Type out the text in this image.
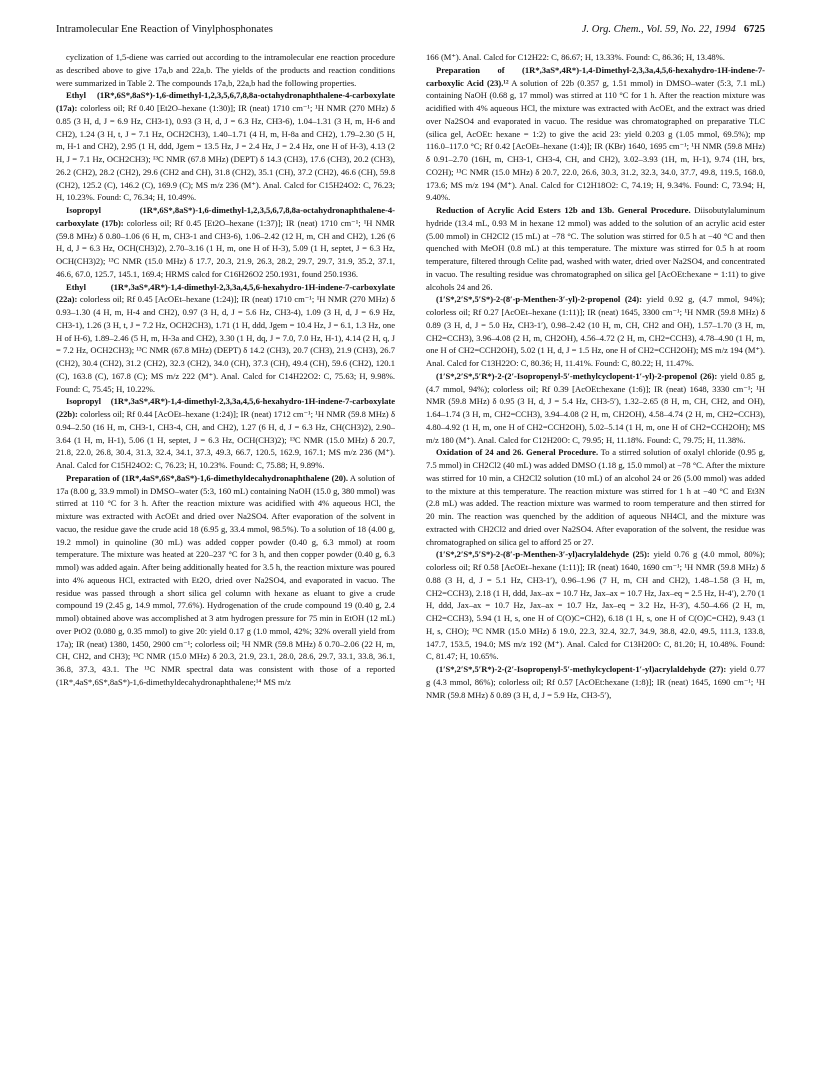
Intramolecular Ene Reaction of Vinylphosphonates	J. Org. Chem., Vol. 59, No. 22, 1994 6725

cyclization of 1,5-diene was carried out according to the intramolecular ene reaction procedure as described above to give 17a,b and 22a,b. The yields of the products and reaction conditions were summarized in Table 2. The compounds 17a,b, 22a,b had the following properties.

Ethyl (1R*,6S*,8aS*)-1,6-dimethyl-1,2,3,5,6,7,8,8a-octahydronaphthalene-4-carboxylate (17a): colorless oil; Rf 0.40 [Et2O–hexane (1:30)]; IR (neat) 1710 cm⁻¹; ¹H NMR (270 MHz) δ 0.85 (3 H, d, J = 6.9 Hz, CH3-1), 0.93 (3 H, d, J = 6.3 Hz, CH3-6), 1.04–1.31 (3 H, m, H-6 and CH2), 1.24 (3 H, t, J = 7.1 Hz, OCH2CH3), 1.40–1.71 (4 H, m, H-8a and CH2), 1.79–2.30 (5 H, m, H-1 and CH2), 2.95 (1 H, ddd, Jgem = 13.5 Hz, J = 2.4 Hz, J = 2.4 Hz, one H of H-3), 4.13 (2 H, J = 7.1 Hz, OCH2CH3); ¹³C NMR (67.8 MHz) (DEPT) δ 14.3 (CH3), 17.6 (CH3), 20.2 (CH3), 26.2 (CH2), 28.2 (CH2), 29.6 (CH2 and CH), 31.8 (CH2), 35.1 (CH), 37.2 (CH2), 46.6 (CH), 59.8 (CH2), 125.2 (C), 146.2 (C), 169.9 (C); MS m/z 236 (M⁺). Anal. Calcd for C15H24O2: C, 76.23; H, 10.23%. Found: C, 76.34; H, 10.49%.

Isopropyl (1R*,6S*,8aS*)-1,6-dimethyl-1,2,3,5,6,7,8,8a-octahydronaphthalene-4-carboxylate (17b): colorless oil; Rf 0.45 [Et2O–hexane (1:37)]; IR (neat) 1710 cm⁻¹; ¹H NMR (59.8 MHz) δ 0.80–1.06 (6 H, m, CH3-1 and CH3-6), 1.06–2.42 (12 H, m, CH and CH2), 1.26 (6 H, d, J = 6.3 Hz, OCH(CH3)2), 2.70–3.16 (1 H, m, one H of H-3), 5.09 (1 H, septet, J = 6.3 Hz, OCH(CH3)2); ¹³C NMR (15.0 MHz) δ 17.7, 20.3, 21.9, 26.3, 28.2, 29.7, 29.7, 31.9, 35.2, 37.1, 46.6, 67.0, 125.7, 145.1, 169.4; HRMS calcd for C16H26O2 250.1931, found 250.1936.

Ethyl (1R*,3aS*,4R*)-1,4-dimethyl-2,3,3a,4,5,6-hexahydro-1H-indene-7-carboxylate (22a): colorless oil; Rf 0.45 [AcOEt–hexane (1:24)]; IR (neat) 1710 cm⁻¹; ¹H NMR (270 MHz) δ 0.93–1.30 (4 H, m, H-4 and CH2), 0.97 (3 H, d, J = 5.6 Hz, CH3-4), 1.09 (3 H, d, J = 6.9 Hz, CH3-1), 1.26 (3 H, t, J = 7.2 Hz, OCH2CH3), 1.71 (1 H, ddd, Jgem = 10.4 Hz, J = 6.1, 1.3 Hz, one H of H-6), 1.89–2.46 (5 H, m, H-3a and CH2), 3.30 (1 H, dq, J = 7.0, 7.0 Hz, H-1), 4.14 (2 H, q, J = 7.2 Hz, OCH2CH3); ¹³C NMR (67.8 MHz) (DEPT) δ 14.2 (CH3), 20.7 (CH3), 21.9 (CH3), 26.7 (CH2), 30.4 (CH2), 31.2 (CH2), 32.3 (CH2), 34.0 (CH), 37.3 (CH), 49.4 (CH), 59.6 (CH2), 120.1 (C), 163.8 (C), 167.8 (C); MS m/z 222 (M⁺). Anal. Calcd for C14H22O2: C, 75.63; H, 9.98%. Found: C, 75.45; H, 10.22%.

Isopropyl (1R*,3aS*,4R*)-1,4-dimethyl-2,3,3a,4,5,6-hexahydro-1H-indene-7-carboxylate (22b): colorless oil; Rf 0.44 [AcOEt–hexane (1:24)]; IR (neat) 1712 cm⁻¹; ¹H NMR (59.8 MHz) δ 0.94–2.50 (16 H, m, CH3-1, CH3-4, CH, and CH2), 1.27 (6 H, d, J = 6.3 Hz, CH(CH3)2), 2.90–3.64 (1 H, m, H-1), 5.06 (1 H, septet, J = 6.3 Hz, OCH(CH3)2); ¹³C NMR (15.0 MHz) δ 20.7, 21.8, 22.0, 26.8, 30.4, 31.3, 32.4, 34.1, 37.3, 49.3, 66.7, 120.5, 162.9, 167.1; MS m/z 236 (M⁺). Anal. Calcd for C15H24O2: C, 76.23; H, 10.23%. Found: C, 75.88; H, 9.89%.

Preparation of (1R*,4aS*,6S*,8aS*)-1,6-dimethyldecahydronaphthalene (20). A solution of 17a (8.00 g, 33.9 mmol) in DMSO–water (5:3, 160 mL) containing NaOH (15.0 g, 380 mmol) was stirred at 110 °C for 3 h. After the reaction mixture was acidified with 4% aqueous HCl, the mixture was extracted with AcOEt and dried over Na2SO4. After evaporation of the solvent in vacuo, the residue gave the crude acid 18 (6.95 g, 33.4 mmol, 98.5%). To a solution of 18 (4.00 g, 19.2 mmol) in quinoline (30 mL) was added copper powder (0.40 g, 6.3 mmol) at room temperature. The mixture was heated at 220–237 °C for 3 h, and then copper powder (0.40 g, 6.3 mmol) was added again. After being additionally heated for 3.5 h, the reaction mixture was poured into 4% aqueous HCl, extracted with Et2O, dried over Na2SO4, and evaporated in vacuo. The residue was passed through a short silica gel column with hexane as eluant to give a crude compound 19 (2.45 g, 14.9 mmol, 77.6%). Hydrogenation of the crude compound 19 (0.40 g, 2.4 mmol) obtained above was accomplished at 3 atm hydrogen pressure for 75 min in EtOH (12 mL) over PtO2 (0.080 g, 0.35 mmol) to give 20: yield 0.17 g (1.0 mmol, 42%; 32% overall yield from 17a); IR (neat) 1380, 1450, 2900 cm⁻¹; colorless oil; ¹H NMR (59.8 MHz) δ 0.70–2.06 (22 H, m, CH, CH2, and CH3); ¹³C NMR (15.0 MHz) δ 20.3, 21.9, 23.1, 28.0, 28.6, 29.7, 33.1, 33.8, 36.1, 36.8, 37.3, 43.1. The ¹³C NMR spectral data was consistent with those of a reported (1R*,4aS*,6S*,8aS*)-1,6-dimethyldecahydronaphthalene;¹⁴ MS m/z

166 (M⁺). Anal. Calcd for C12H22: C, 86.67; H, 13.33%. Found: C, 86.36; H, 13.48%.

Preparation of (1R*,3aS*,4R*)-1,4-Dimethyl-2,3,3a,4,5,6-hexahydro-1H-indene-7-carboxylic Acid (23).¹² A solution of 22b (0.357 g, 1.51 mmol) in DMSO–water (5:3, 7.1 mL) containing NaOH (0.68 g, 17 mmol) was stirred at 110 °C for 1 h. After the reaction mixture was acidified with 4% aqueous HCl, the mixture was extracted with AcOEt, and the extract was dried over Na2SO4 and evaporated in vacuo. The residue was chromatographed on preparative TLC (silica gel, AcOEt: hexane = 1:2) to give the acid 23: yield 0.203 g (1.05 mmol, 69.5%); mp 116.0–117.0 °C; Rf 0.42 [AcOEt–hexane (1:4)]; IR (KBr) 1640, 1695 cm⁻¹; ¹H NMR (59.8 MHz) δ 0.91–2.70 (16H, m, CH3-1, CH3-4, CH, and CH2), 3.02–3.93 (1H, m, H-1), 9.74 (1H, brs, CO2H); ¹³C NMR (15.0 MHz) δ 20.7, 22.0, 26.6, 30.3, 31.2, 32.3, 34.0, 37.7, 49.8, 119.5, 168.0, 173.6; MS m/z 194 (M⁺). Anal. Calcd for C12H18O2: C, 74.19; H, 9.34%. Found: C, 73.94; H, 9.40%.

Reduction of Acrylic Acid Esters 12b and 13b. General Procedure. Diisobutylaluminum hydride (13.4 mL, 0.93 M in hexane 12 mmol) was added to the solution of an acrylic acid ester (5.00 mmol) in CH2Cl2 (15 mL) at −78 °C. The solution was stirred for 0.5 h at −40 °C and then quenched with MeOH (0.8 mL) at this temperature. The mixture was stirred for 0.5 h at room temperature, filtered through Celite pad, washed with water, dried over Na2SO4, and concentrated in vacuo. The resulting residue was chromatographed on silica gel [AcOEt:hexane = 1:11) to give alcohols 24 and 26.

(1′S*,2′S*,5′S*)-2-(8′-p-Menthen-3′-yl)-2-propenol (24): yield 0.92 g, (4.7 mmol, 94%); colorless oil; Rf 0.27 [AcOEt–hexane (1:11)]; IR (neat) 1645, 3300 cm⁻¹; ¹H NMR (59.8 MHz) δ 0.89 (3 H, d, J = 5.0 Hz, CH3-1′), 0.98–2.42 (10 H, m, CH, CH2 and OH), 1.57–1.70 (3 H, m, CH2=CCH3), 3.96–4.08 (2 H, m, CH2OH), 4.56–4.72 (2 H, m, CH2=CCH3), 4.78–4.90 (1 H, m, one H of CH2=CCH2OH), 5.02 (1 H, d, J = 1.5 Hz, one H of CH2=CCH2OH); MS m/z 194 (M⁺). Anal. Calcd for C13H22O: C, 80.36; H, 11.41%. Found: C, 80.22; H, 11.47%.

(1′S*,2′S*,5′R*)-2-(2′-Isopropenyl-5′-methylcyclopent-1′-yl)-2-propenol (26): yield 0.85 g, (4.7 mmol, 94%); colorless oil; Rf 0.39 [AcOEt:hexane (1:6)]; IR (neat) 1648, 3330 cm⁻¹; ¹H NMR (59.8 MHz) δ 0.95 (3 H, d, J = 5.4 Hz, CH3-5′), 1.32–2.65 (8 H, m, CH, CH2, and OH), 1.64–1.74 (3 H, m, CH2=CCH3), 3.94–4.08 (2 H, m, CH2OH), 4.58–4.74 (2 H, m, CH2=CCH3), 4.80–4.92 (1 H, m, one H of CH2=CCH2OH), 5.02–5.14 (1 H, m, one H of CH2=CCH2OH); MS m/z 180 (M⁺). Anal. Calcd for C12H20O: C, 79.95; H, 11.18%. Found: C, 79.75; H, 11.38%.

Oxidation of 24 and 26. General Procedure. To a stirred solution of oxalyl chloride (0.95 g, 7.5 mmol) in CH2Cl2 (40 mL) was added DMSO (1.18 g, 15.0 mmol) at −78 °C. After the mixture was stirred for 10 min, a CH2Cl2 solution (10 mL) of an alcohol 24 or 26 (5.00 mmol) was added to the mixture at this temperature. The reaction mixture was stirred for 1 h at −40 °C and Et3N (2.8 mL) was added. The reaction mixture was warmed to room temperature and then stirred for 20 min. The reaction was quenched by the addition of aqueous NH4Cl, and the mixture was extracted with CH2Cl2 and dried over Na2SO4. After evaporation of the solvent, the residue was chromatographed on silica gel to afford 25 or 27.

(1′S*,2′S*,5′S*)-2-(8′-p-Menthen-3′-yl)acrylaldehyde (25): yield 0.76 g (4.0 mmol, 80%); colorless oil; Rf 0.58 [AcOEt–hexane (1:11)]; IR (neat) 1640, 1690 cm⁻¹; ¹H NMR (59.8 MHz) δ 0.88 (3 H, d, J = 5.1 Hz, CH3-1′), 0.96–1.96 (7 H, m, CH and CH2), 1.48–1.58 (3 H, m, CH2=CCH3), 2.18 (1 H, ddd, Jax–ax = 10.7 Hz, Jax–ax = 10.7 Hz, Jax–eq = 2.5 Hz, H-4′), 2.70 (1 H, ddd, Jax–ax = 10.7 Hz, Jax–ax = 10.7 Hz, Jax–eq = 3.2 Hz, H-3′), 4.50–4.66 (2 H, m, CH2=CCH3), 5.94 (1 H, s, one H of C(O)C=CH2), 6.18 (1 H, s, one H of C(O)C=CH2), 9.43 (1 H, s, CHO); ¹³C NMR (15.0 MHz) δ 19.0, 22.3, 32.4, 32.7, 34.9, 38.8, 42.0, 49.5, 111.3, 133.8, 147.7, 153.5, 194.0; MS m/z 192 (M⁺). Anal. Calcd for C13H20O: C, 81.20; H, 10.48%. Found: C, 81.47; H, 10.65%.

(1′S*,2′S*,5′R*)-2-(2′-Isopropenyl-5′-methylcyclopent-1′-yl)acrylaldehyde (27): yield 0.77 g (4.3 mmol, 86%); colorless oil; Rf 0.57 [AcOEt:hexane (1:8)]; IR (neat) 1645, 1690 cm⁻¹; ¹H NMR (59.8 MHz) δ 0.89 (3 H, d, J = 5.9 Hz, CH3-5′),
